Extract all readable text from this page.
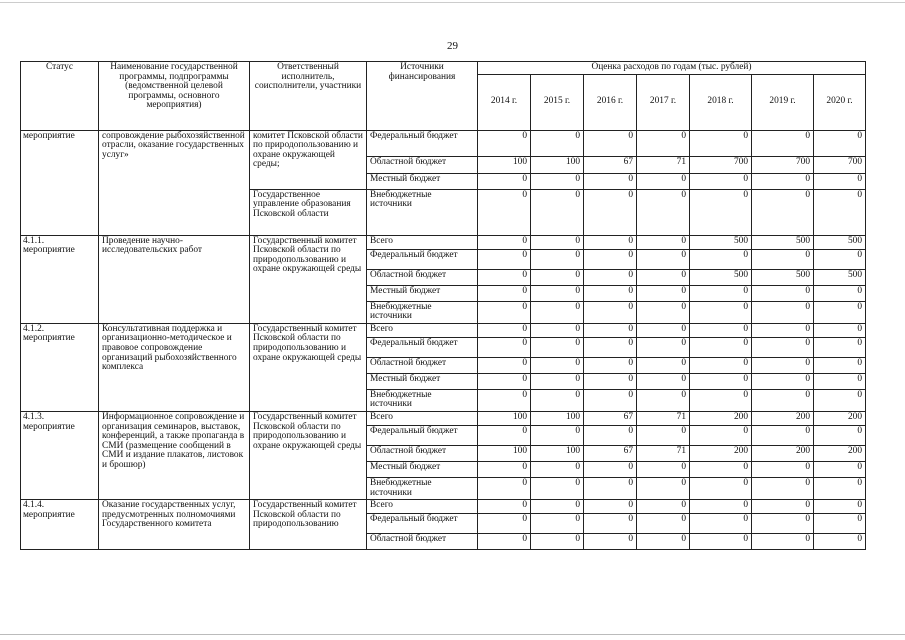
29
Статус	Наименование государственной программы, подпрограммы (ведомственной целевой программы, основного мероприятия)	Ответственный исполнитель, соисполнители, участники	Источники финансирования	Оценка расходов по годам (тыс. рублей)						
				2014 г.	2015 г.	2016 г.	2017 г.	2018 г.	2019 г.	2020 г.
мероприятие	сопровождение рыбохозяйственной отрасли, оказание государственных услуг»	комитет Псковской области по природопользованию и охране окружающей среды;	Федеральный бюджет	0	0	0	0	0	0	0
			Областной бюджет	100	100	67	71	700	700	700
			Местный бюджет	0	0	0	0	0	0	0
		Государственное управление образования Псковской области	Внебюджетные источники	0	0	0	0	0	0	0
4.1.1. мероприятие	Проведение научно-исследовательских работ	Государственный комитет Псковской области по природопользованию и охране окружающей среды	Всего	0	0	0	0	500	500	500
			Федеральный бюджет	0	0	0	0	0	0	0
			Областной бюджет	0	0	0	0	500	500	500
			Местный бюджет	0	0	0	0	0	0	0
			Внебюджетные источники	0	0	0	0	0	0	0
4.1.2. мероприятие	Консультативная поддержка и организационно-методическое и правовое сопровождение организаций рыбохозяйственного комплекса	Государственный комитет Псковской области по природопользованию и охране окружающей среды	Всего	0	0	0	0	0	0	0
			Федеральный бюджет	0	0	0	0	0	0	0
			Областной бюджет	0	0	0	0	0	0	0
			Местный бюджет	0	0	0	0	0	0	0
			Внебюджетные источники	0	0	0	0	0	0	0
4.1.3. мероприятие	Информационное сопровождение и организация семинаров, выставок, конференций, а также пропаганда в СМИ (размещение сообщений в СМИ и издание плакатов, листовок и брошюр)	Государственный комитет Псковской области по природопользованию и охране окружающей среды	Всего	100	100	67	71	200	200	200
			Федеральный бюджет	0	0	0	0	0	0	0
			Областной бюджет	100	100	67	71	200	200	200
			Местный бюджет	0	0	0	0	0	0	0
			Внебюджетные источники	0	0	0	0	0	0	0
4.1.4. мероприятие	Оказание государственных услуг, предусмотренных полномочиями Государственного комитета	Государственный комитет Псковской области по природопользованию	Всего	0	0	0	0	0	0	0
			Федеральный бюджет	0	0	0	0	0	0	0
			Областной бюджет	0	0	0	0	0	0	0
